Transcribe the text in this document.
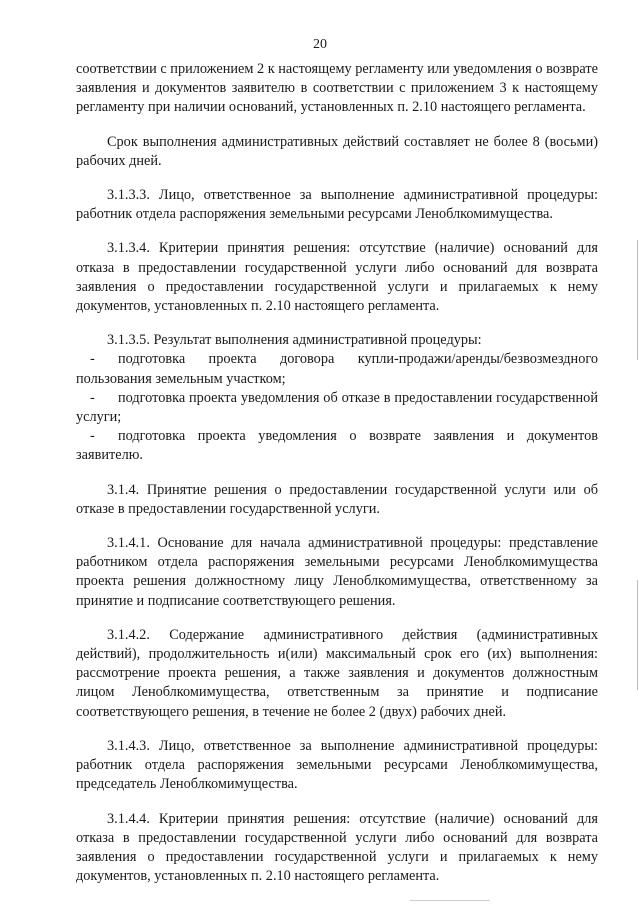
20

соответствии с приложением 2 к настоящему регламенту или уведомления о возврате заявления и документов заявителю в соответствии с приложением 3 к настоящему регламенту при наличии оснований, установленных п. 2.10 настоящего регламента.

Срок выполнения административных действий составляет не более 8 (восьми) рабочих дней.

3.1.3.3. Лицо, ответственное за выполнение административной процедуры: работник отдела распоряжения земельными ресурсами Леноблкомимущества.

3.1.3.4. Критерии принятия решения: отсутствие (наличие) оснований для отказа в предоставлении государственной услуги либо оснований для возврата заявления о предоставлении государственной услуги и прилагаемых к нему документов, установленных п. 2.10 настоящего регламента.

3.1.3.5. Результат выполнения административной процедуры:

- подготовка проекта договора купли-продажи/аренды/безвозмездного пользования земельным участком;

- подготовка проекта уведомления об отказе в предоставлении государственной услуги;

- подготовка проекта уведомления о возврате заявления и документов заявителю.

3.1.4. Принятие решения о предоставлении государственной услуги или об отказе в предоставлении государственной услуги.

3.1.4.1. Основание для начала административной процедуры: представление работником отдела распоряжения земельными ресурсами Леноблкомимущества проекта решения должностному лицу Леноблкомимущества, ответственному за принятие и подписание соответствующего решения.

3.1.4.2. Содержание административного действия (административных действий), продолжительность и(или) максимальный срок его (их) выполнения: рассмотрение проекта решения, а также заявления и документов должностным лицом Леноблкомимущества, ответственным за принятие и подписание соответствующего решения, в течение не более 2 (двух) рабочих дней.

3.1.4.3. Лицо, ответственное за выполнение административной процедуры: работник отдела распоряжения земельными ресурсами Леноблкомимущества, председатель Леноблкомимущества.

3.1.4.4. Критерии принятия решения: отсутствие (наличие) оснований для отказа в предоставлении государственной услуги либо оснований для возврата заявления о предоставлении государственной услуги и прилагаемых к нему документов, установленных п. 2.10 настоящего регламента.
